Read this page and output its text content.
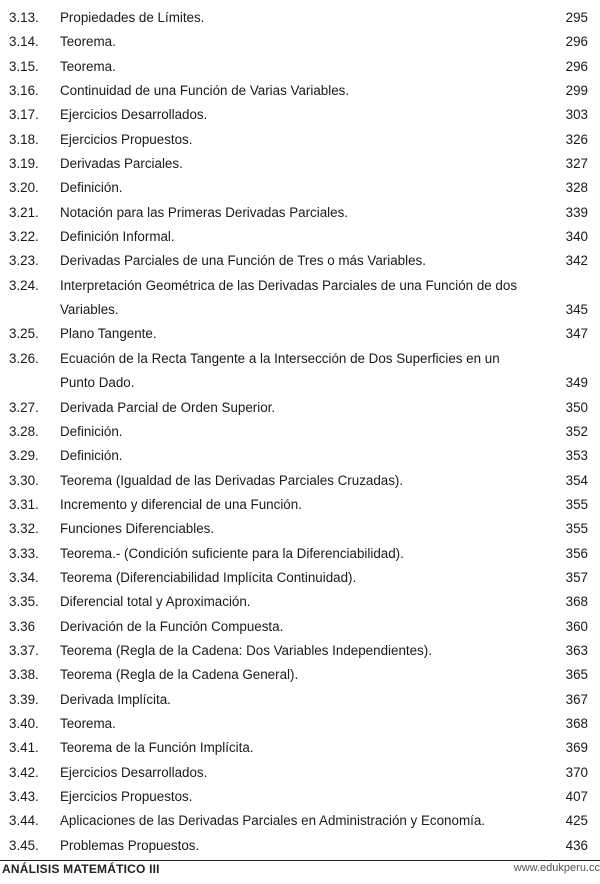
3.13. Propiedades de Límites.	295
3.14. Teorema.	296
3.15. Teorema.	296
3.16. Continuidad de una Función de Varias Variables.	299
3.17. Ejercicios Desarrollados.	303
3.18. Ejercicios Propuestos.	326
3.19. Derivadas Parciales.	327
3.20. Definición.	328
3.21. Notación para las Primeras Derivadas Parciales.	339
3.22. Definición Informal.	340
3.23. Derivadas Parciales de una Función de Tres o más Variables.	342
3.24. Interpretación Geométrica de las Derivadas Parciales de una Función de dos Variables.	345
3.25. Plano Tangente.	347
3.26. Ecuación de la Recta Tangente a la Intersección de Dos Superficies en un Punto Dado.	349
3.27. Derivada Parcial de Orden Superior.	350
3.28. Definición.	352
3.29. Definición.	353
3.30. Teorema (Igualdad de las Derivadas Parciales Cruzadas).	354
3.31. Incremento y diferencial de una Función.	355
3.32. Funciones Diferenciables.	355
3.33. Teorema.- (Condición suficiente para la Diferenciabilidad).	356
3.34. Teorema (Diferenciabilidad Implícita Continuidad).	357
3.35. Diferencial total y Aproximación.	368
3.36 Derivación de la Función Compuesta.	360
3.37. Teorema (Regla de la Cadena: Dos Variables Independientes).	363
3.38. Teorema (Regla de la Cadena General).	365
3.39. Derivada Implícita.	367
3.40. Teorema.	368
3.41. Teorema de la Función Implícita.	369
3.42. Ejercicios Desarrollados.	370
3.43. Ejercicios Propuestos.	407
3.44. Aplicaciones de las Derivadas Parciales en Administración y Economía.	425
3.45. Problemas Propuestos.	436
ANÁLISIS MATEMÁTICO III	www.edukperu.cc
